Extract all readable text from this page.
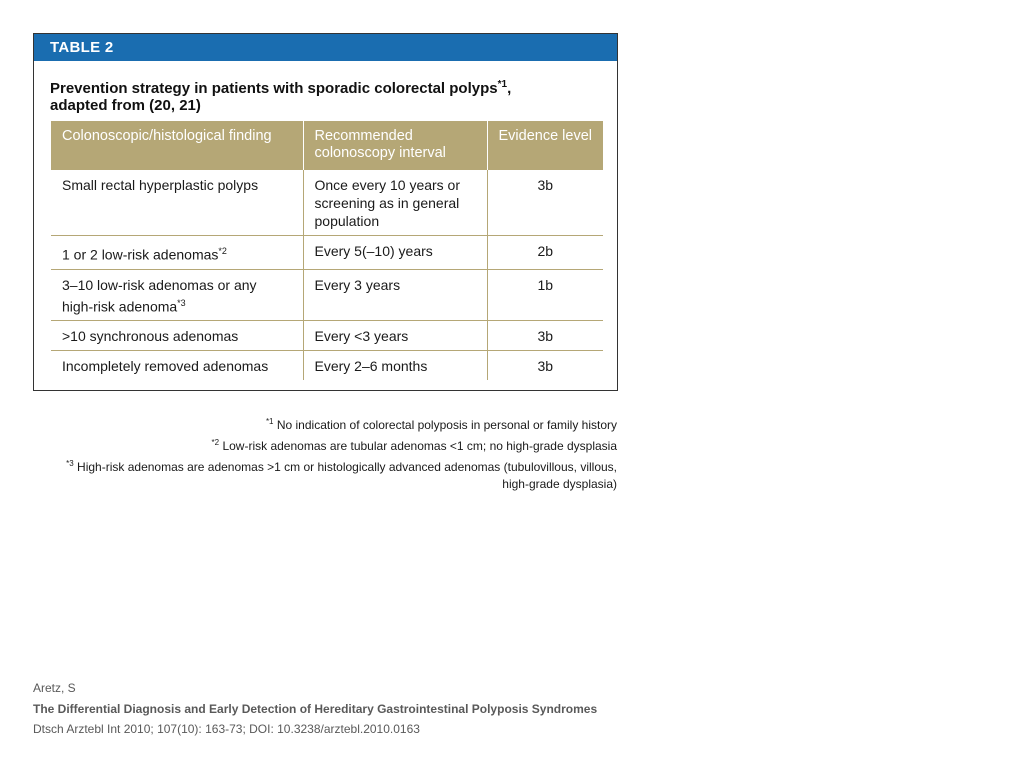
TABLE 2
Prevention strategy in patients with sporadic colorectal polyps$^{*1}$,
adapted from (20, 21)
Colonoscopic/histological finding	Recommended colonoscopy interval	Evidence level
Small rectal hyperplastic polyps	Once every 10 years or screening as in general population	3b
1 or 2 low-risk adenomas$^{*2}$	Every 5(–10) years	2b
3–10 low-risk adenomas or any high-risk adenoma$^{*3}$	Every 3 years	1b
>10 synchronous adenomas	Every <3 years	3b
Incompletely removed adenomas	Every 2–6 months	3b
$^{*1}$ No indication of colorectal polyposis in personal or family history
$^{*2}$ Low-risk adenomas are tubular adenomas <1 cm; no high-grade dysplasia
$^{*3}$ High-risk adenomas are adenomas >1 cm or histologically advanced adenomas (tubulovillous, villous, high-grade dysplasia)
Aretz, S
The Differential Diagnosis and Early Detection of Hereditary Gastrointestinal Polyposis Syndromes
Dtsch Arztebl Int 2010; 107(10): 163-73; DOI: 10.3238/arztebl.2010.0163
